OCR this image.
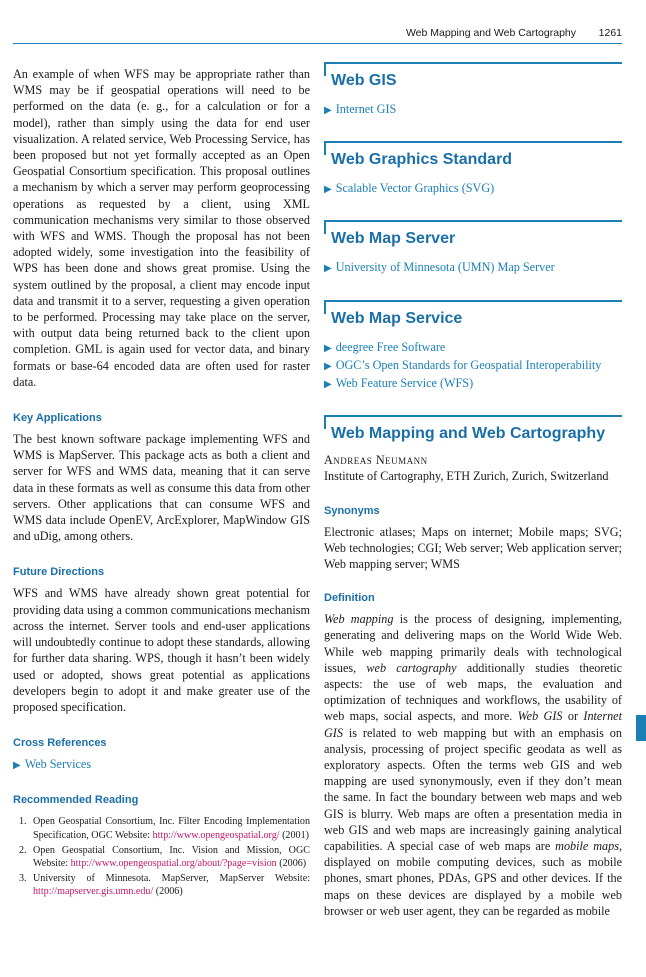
Web Mapping and Web Cartography 1261

An example of when WFS may be appropriate rather than WMS may be if geospatial operations will need to be performed on the data (e. g., for a calculation or for a model), rather than simply using the data for end user visualization. A related service, Web Processing Service, has been proposed but not yet formally accepted as an Open Geospatial Consortium specification. This proposal outlines a mechanism by which a server may perform geoprocessing operations as requested by a client, using XML communication mechanisms very similar to those observed with WFS and WMS. Though the proposal has not been adopted widely, some investigation into the feasibility of WPS has been done and shows great promise. Using the system outlined by the proposal, a client may encode input data and transmit it to a server, requesting a given operation to be performed. Processing may take place on the server, with output data being returned back to the client upon completion. GML is again used for vector data, and binary formats or base-64 encoded data are often used for raster data.

Key Applications

The best known software package implementing WFS and WMS is MapServer. This package acts as both a client and server for WFS and WMS data, meaning that it can serve data in these formats as well as consume this data from other servers. Other applications that can consume WFS and WMS data include OpenEV, ArcExplorer, MapWindow GIS and uDig, among others.

Future Directions

WFS and WMS have already shown great potential for providing data using a common communications mechanism across the internet. Server tools and end-user applications will undoubtedly continue to adopt these standards, allowing for further data sharing. WPS, though it hasn’t been widely used or adopted, shows great potential as applications developers begin to adopt it and make greater use of the proposed specification.

Cross References

▶ Web Services

Recommended Reading
1. Open Geospatial Consortium, Inc. Filter Encoding Implementation Specification, OGC Website: http://www.opengeospatial.org/ (2001)
2. Open Geospatial Consortium, Inc. Vision and Mission, OGC Website: http://www.opengeospatial.org/about/?page=vision (2006)
3. University of Minnesota. MapServer, MapServer Website: http://mapserver.gis.umn.edu/ (2006)
Web GIS

▶ Internet GIS

Web Graphics Standard

▶ Scalable Vector Graphics (SVG)

Web Map Server

▶ University of Minnesota (UMN) Map Server

Web Map Service

▶ deegree Free Software

▶ OGC’s Open Standards for Geospatial Interoperability

▶ Web Feature Service (WFS)

Web Mapping and Web Cartography

Andreas Neumann

Institute of Cartography, ETH Zurich, Zurich, Switzerland

Synonyms

Electronic atlases; Maps on internet; Mobile maps; SVG; Web technologies; CGI; Web server; Web application server; Web mapping server; WMS

Definition

Web mapping is the process of designing, implementing, generating and delivering maps on the World Wide Web. While web mapping primarily deals with technological issues, web cartography additionally studies theoretic aspects: the use of web maps, the evaluation and optimization of techniques and workflows, the usability of web maps, social aspects, and more. Web GIS or Internet GIS is related to web mapping but with an emphasis on analysis, processing of project specific geodata as well as exploratory aspects. Often the terms web GIS and web mapping are used synonymously, even if they don’t mean the same. In fact the boundary between web maps and web GIS is blurry. Web maps are often a presentation media in web GIS and web maps are increasingly gaining analytical capabilities. A special case of web maps are mobile maps, displayed on mobile computing devices, such as mobile phones, smart phones, PDAs, GPS and other devices. If the maps on these devices are displayed by a mobile web browser or web user agent, they can be regarded as mobile
